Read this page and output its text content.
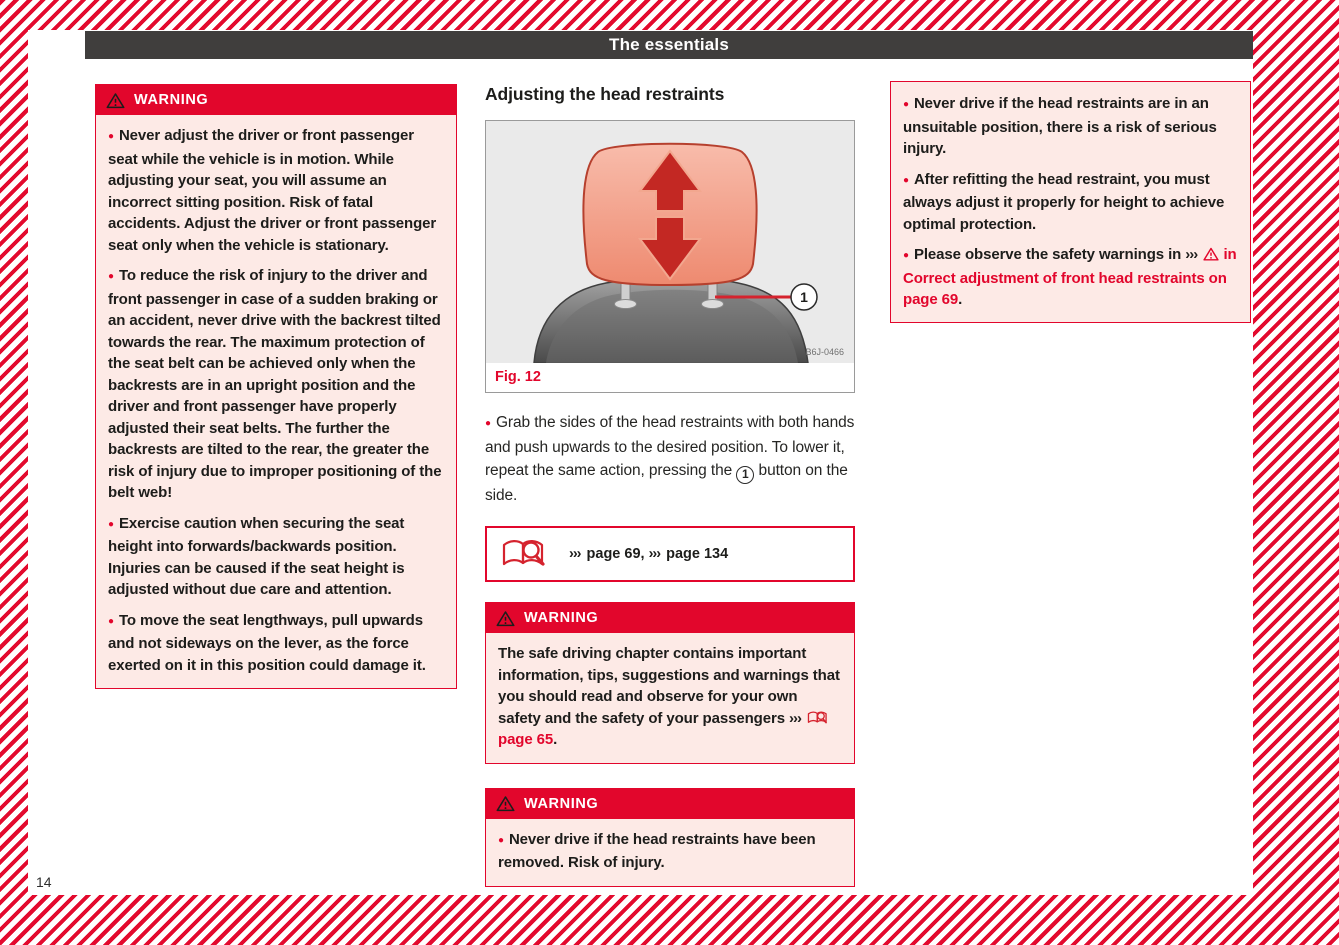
The essentials
WARNING

● Never adjust the driver or front passenger seat while the vehicle is in motion. While adjusting your seat, you will assume an incorrect sitting position. Risk of fatal accidents. Adjust the driver or front passenger seat only when the vehicle is stationary.

● To reduce the risk of injury to the driver and front passenger in case of a sudden braking or an accident, never drive with the backrest tilted towards the rear. The maximum protection of the seat belt can be achieved only when the backrests are in an upright position and the driver and front passenger have properly adjusted their seat belts. The further the backrests are tilted to the rear, the greater the risk of injury due to improper positioning of the belt web!

● Exercise caution when securing the seat height into forwards/backwards position. Injuries can be caused if the seat height is adjusted without due care and attention.

● To move the seat lengthways, pull upwards and not sideways on the lever, as the force exerted on it in this position could damage it.

Adjusting the head restraints
1
B6J-0466
Fig. 12

● Grab the sides of the head restraints with both hands and push upwards to the desired position. To lower it, repeat the same action, pressing the 1 button on the side.

››› page 69, ››› page 134
WARNING

The safe driving chapter contains important information, tips, suggestions and warnings that you should read and observe for your own safety and the safety of your passengers ›››  page 65.

WARNING

● Never drive if the head restraints have been removed. Risk of injury.

● Never drive if the head restraints are in an unsuitable position, there is a risk of serious injury.

● After refitting the head restraint, you must always adjust it properly for height to achieve optimal protection.

● Please observe the safety warnings in ››› in Correct adjustment of front head restraints on page 69.

14
